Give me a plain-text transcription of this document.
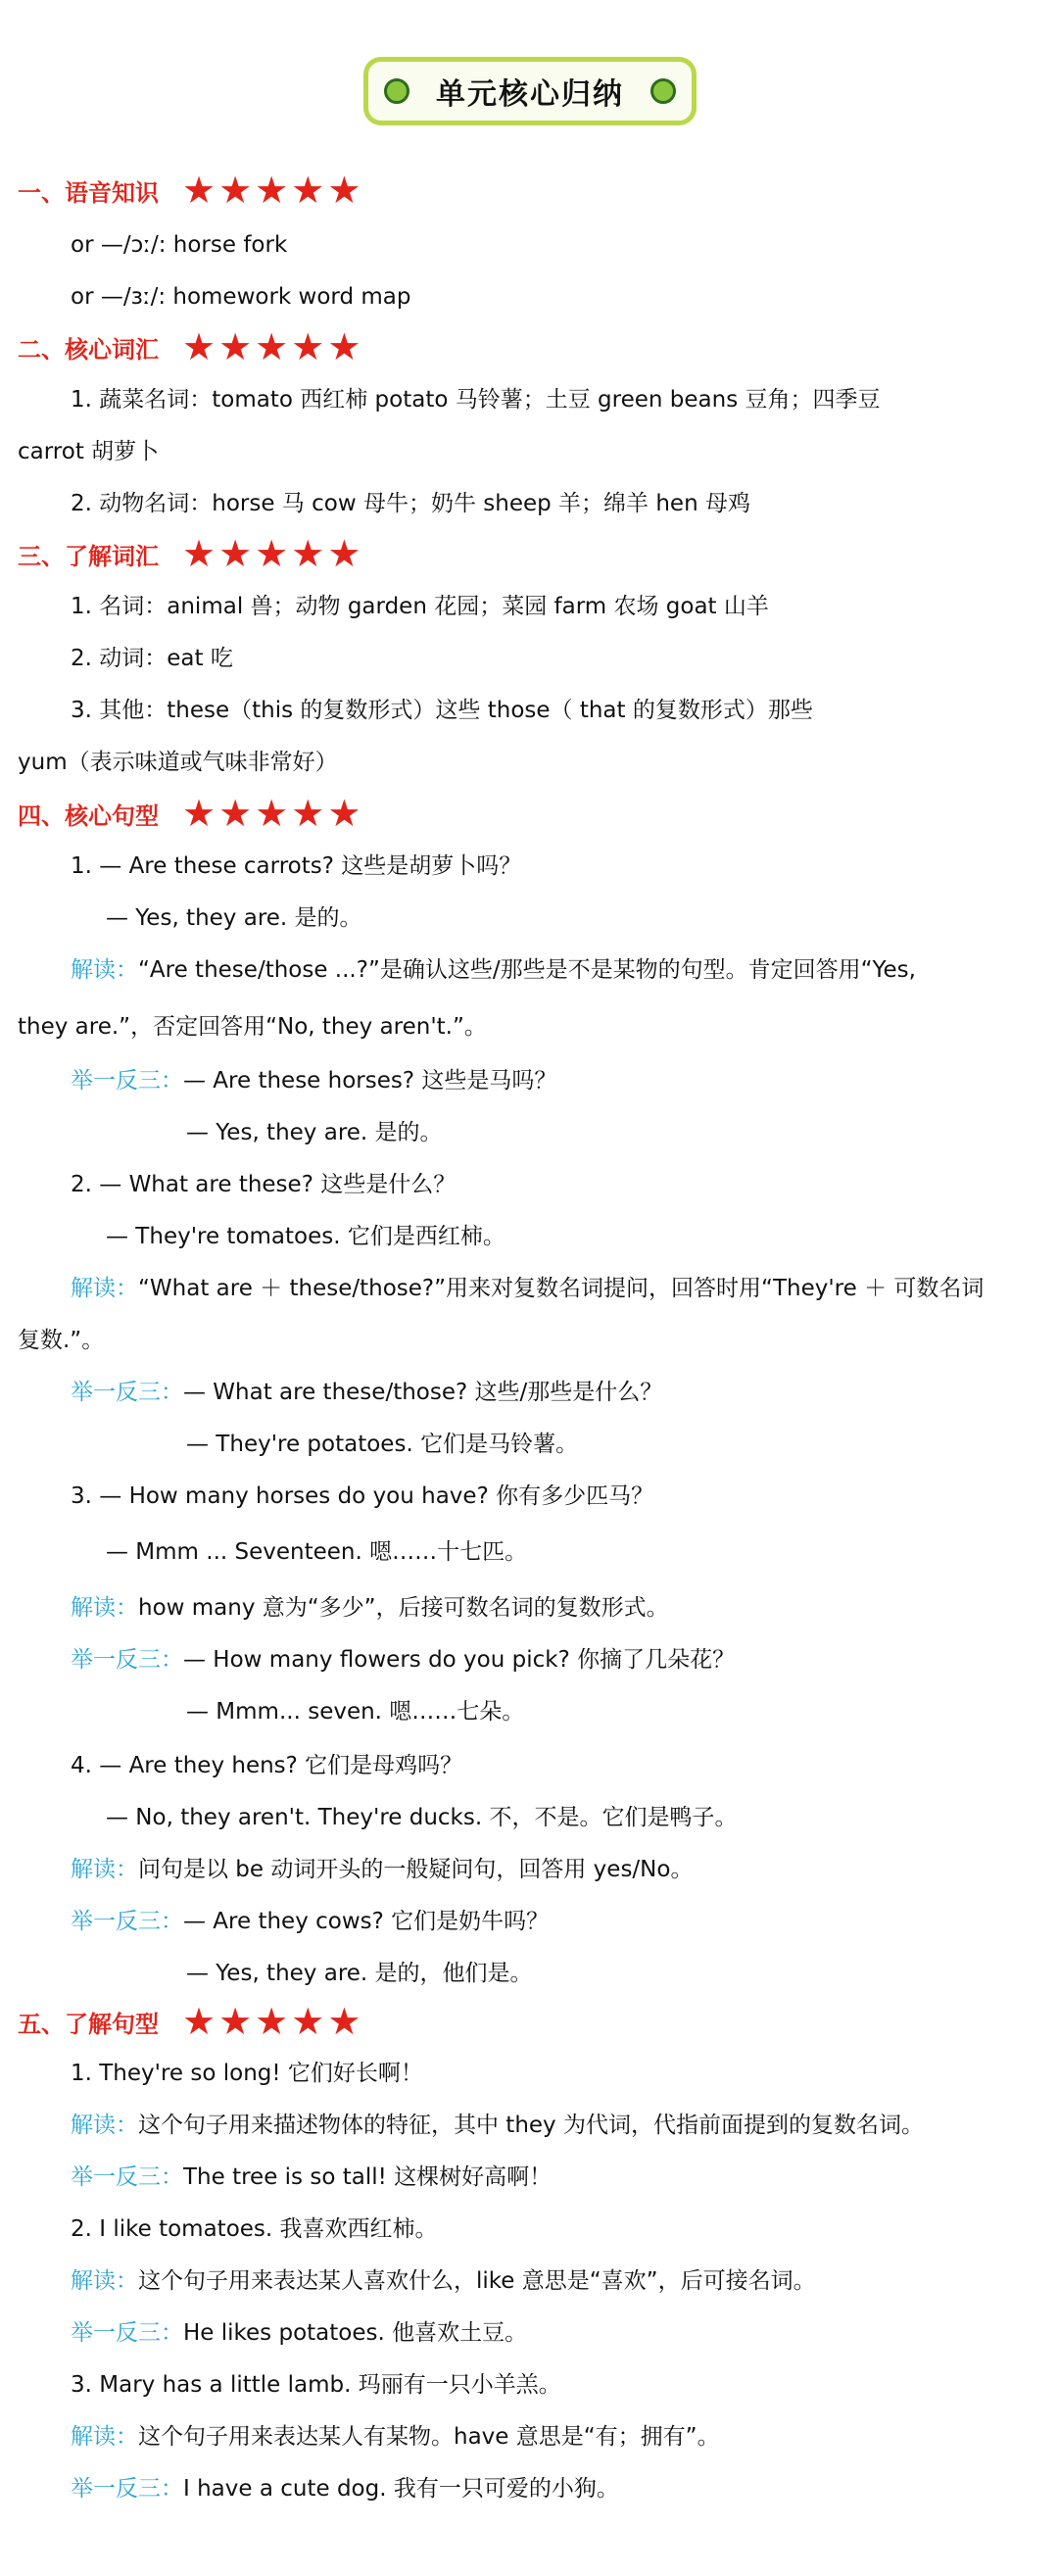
单元核心归纳
一、语音知识 ★ ★ ★ ★ ★
or —/ɔː/: horse fork
or —/ɜː/: homework word map
二、核心词汇 ★ ★ ★ ★ ★
1. 蔬菜名词：tomato 西红柿 potato 马铃薯；土豆 green beans 豆角；四季豆
carrot 胡萝卜
2. 动物名词：horse 马 cow 母牛；奶牛 sheep 羊；绵羊 hen 母鸡
三、了解词汇 ★ ★ ★ ★ ★
1. 名词：animal 兽；动物 garden 花园；菜园 farm 农场 goat 山羊
2. 动词：eat 吃
3. 其他：these（this 的复数形式）这些 those（ that 的复数形式）那些
yum（表示味道或气味非常好）
四、核心句型 ★ ★ ★ ★ ★
1. — Are these carrots? 这些是胡萝卜吗？
— Yes, they are. 是的。
解读：“Are these/those ...?”是确认这些/那些是不是某物的句型。肯定回答用“Yes,
they are.”，否定回答用“No, they aren't.”。
举一反三：— Are these horses? 这些是马吗？
— Yes, they are. 是的。
2. — What are these? 这些是什么？
— They're tomatoes. 它们是西红柿。
解读：“What are ＋ these/those?”用来对复数名词提问，回答时用“They're ＋ 可数名词
复数.”。
举一反三：— What are these/those? 这些/那些是什么？
— They're potatoes. 它们是马铃薯。
3. — How many horses do you have? 你有多少匹马？
— Mmm ... Seventeen. 嗯……十七匹。
解读：how many 意为“多少”，后接可数名词的复数形式。
举一反三：— How many flowers do you pick? 你摘了几朵花？
— Mmm... seven. 嗯……七朵。
4. — Are they hens? 它们是母鸡吗？
— No, they aren't. They're ducks. 不，不是。它们是鸭子。
解读：问句是以 be 动词开头的一般疑问句，回答用 yes/No。
举一反三：— Are they cows? 它们是奶牛吗？
— Yes, they are. 是的，他们是。
五、了解句型 ★ ★ ★ ★ ★
1. They're so long! 它们好长啊！
解读：这个句子用来描述物体的特征，其中 they 为代词，代指前面提到的复数名词。
举一反三：The tree is so tall! 这棵树好高啊！
2. I like tomatoes. 我喜欢西红柿。
解读：这个句子用来表达某人喜欢什么，like 意思是“喜欢”，后可接名词。
举一反三：He likes potatoes. 他喜欢土豆。
3. Mary has a little lamb. 玛丽有一只小羊羔。
解读：这个句子用来表达某人有某物。have 意思是“有；拥有”。
举一反三：I have a cute dog. 我有一只可爱的小狗。
